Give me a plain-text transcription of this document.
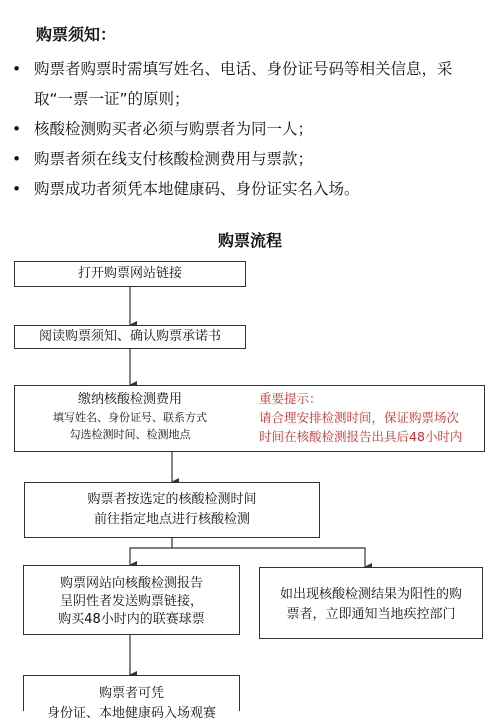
购票须知：
• 购票者购票时需填写姓名、电话、身份证号码等相关信息，采
取“一票一证”的原则；
• 核酸检测购买者必须与购票者为同一人；
• 购票者须在线支付核酸检测费用与票款；
• 购票成功者须凭本地健康码、身份证实名入场。
购票流程
打开购票网站链接
阅读购票须知、确认购票承诺书
缴纳核酸检测费用
填写姓名、身份证号、联系方式
勾选检测时间、检测地点
重要提示：
请合理安排检测时间，保证购票场次
时间在核酸检测报告出具后48小时内
购票者按选定的核酸检测时间
前往指定地点进行核酸检测
购票网站向核酸检测报告
呈阴性者发送购票链接，
购买48小时内的联赛球票
如出现核酸检测结果为阳性的购
票者，立即通知当地疾控部门
购票者可凭
身份证、本地健康码入场观赛
